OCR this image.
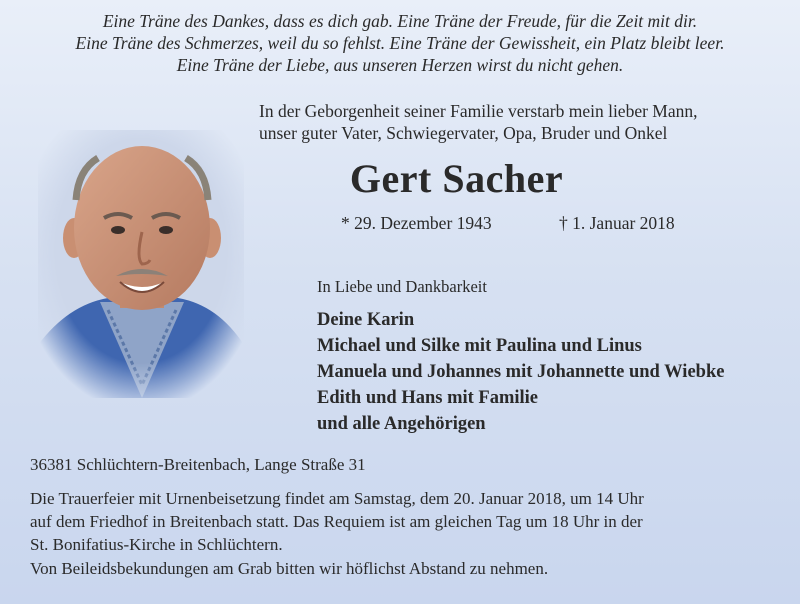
Eine Träne des Dankes, dass es dich gab. Eine Träne der Freude, für die Zeit mit dir.
Eine Träne des Schmerzes, weil du so fehlst. Eine Träne der Gewissheit, ein Platz bleibt leer.
Eine Träne der Liebe, aus unseren Herzen wirst du nicht gehen.
In der Geborgenheit seiner Familie verstarb mein lieber Mann,
unser guter Vater, Schwiegervater, Opa, Bruder und Onkel
Gert Sacher
* 29. Dezember 1943	† 1. Januar 2018
In Liebe und Dankbarkeit
Deine Karin
Michael und Silke mit Paulina und Linus
Manuela und Johannes mit Johannette und Wiebke
Edith und Hans mit Familie
und alle Angehörigen
36381 Schlüchtern-Breitenbach, Lange Straße 31
Die Trauerfeier mit Urnenbeisetzung findet am Samstag, dem 20. Januar 2018, um 14 Uhr
auf dem Friedhof in Breitenbach statt. Das Requiem ist am gleichen Tag um 18 Uhr in der
St. Bonifatius-Kirche in Schlüchtern.
Von Beileidsbekundungen am Grab bitten wir höflichst Abstand zu nehmen.
